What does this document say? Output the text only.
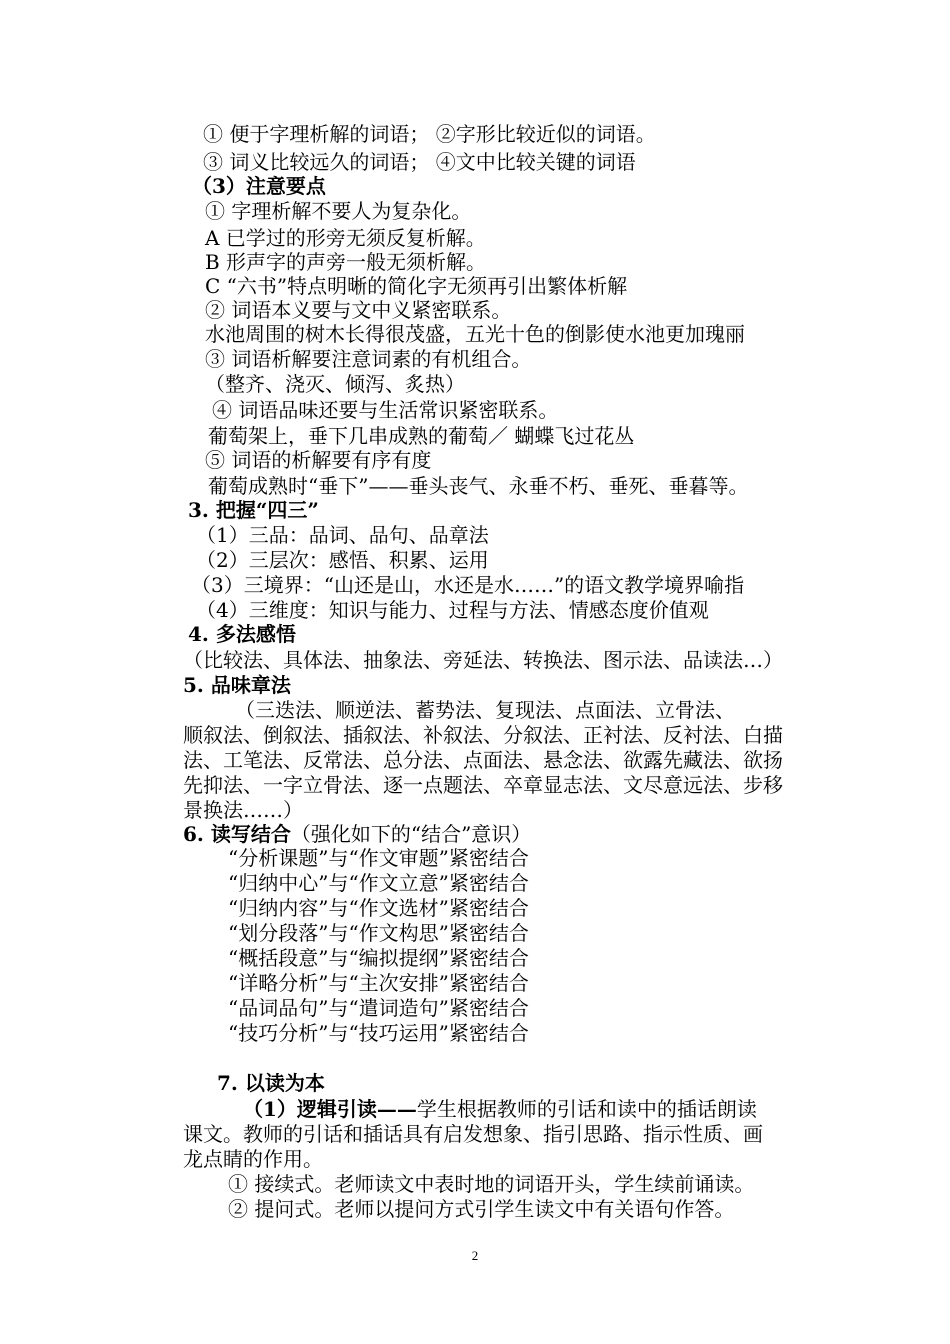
① 便于字理析解的词语； ②字形比较近似的词语。
③ 词义比较远久的词语； ④文中比较关键的词语
（3）注意要点
① 字理析解不要人为复杂化。
A 已学过的形旁无须反复析解。
B 形声字的声旁一般无须析解。
C “六书”特点明晰的简化字无须再引出繁体析解
② 词语本义要与文中义紧密联系。
水池周围的树木长得很茂盛，五光十色的倒影使水池更加瑰丽
③ 词语析解要注意词素的有机组合。
（整齐、浇灭、倾泻、炙热）
④ 词语品味还要与生活常识紧密联系。
葡萄架上，垂下几串成熟的葡萄／ 蝴蝶飞过花丛
⑤ 词语的析解要有序有度
葡萄成熟时“垂下”——垂头丧气、永垂不朽、垂死、垂暮等。
3. 把握“四三”
（1）三品：品词、品句、品章法
（2）三层次：感悟、积累、运用
（3）三境界：“山还是山，水还是水……”的语文教学境界喻指
（4）三维度：知识与能力、过程与方法、情感态度价值观
4. 多法感悟
（比较法、具体法、抽象法、旁延法、转换法、图示法、品读法…）
5. 品味章法
（三迭法、顺逆法、蓄势法、复现法、点面法、立骨法、
顺叙法、倒叙法、插叙法、补叙法、分叙法、正衬法、反衬法、白描
法、工笔法、反常法、总分法、点面法、悬念法、欲露先藏法、欲扬
先抑法、一字立骨法、逐一点题法、卒章显志法、文尽意远法、步移
景换法……）
6. 读写结合（强化如下的“结合”意识）
“分析课题”与“作文审题”紧密结合
“归纳中心”与“作文立意”紧密结合
“归纳内容”与“作文选材”紧密结合
“划分段落”与“作文构思”紧密结合
“概括段意”与“编拟提纲”紧密结合
“详略分析”与“主次安排”紧密结合
“品词品句”与“遣词造句”紧密结合
“技巧分析”与“技巧运用”紧密结合
7. 以读为本
（1）逻辑引读——学生根据教师的引话和读中的插话朗读
课文。教师的引话和插话具有启发想象、指引思路、指示性质、画
龙点睛的作用。
① 接续式。老师读文中表时地的词语开头，学生续前诵读。
② 提问式。老师以提问方式引学生读文中有关语句作答。
2
